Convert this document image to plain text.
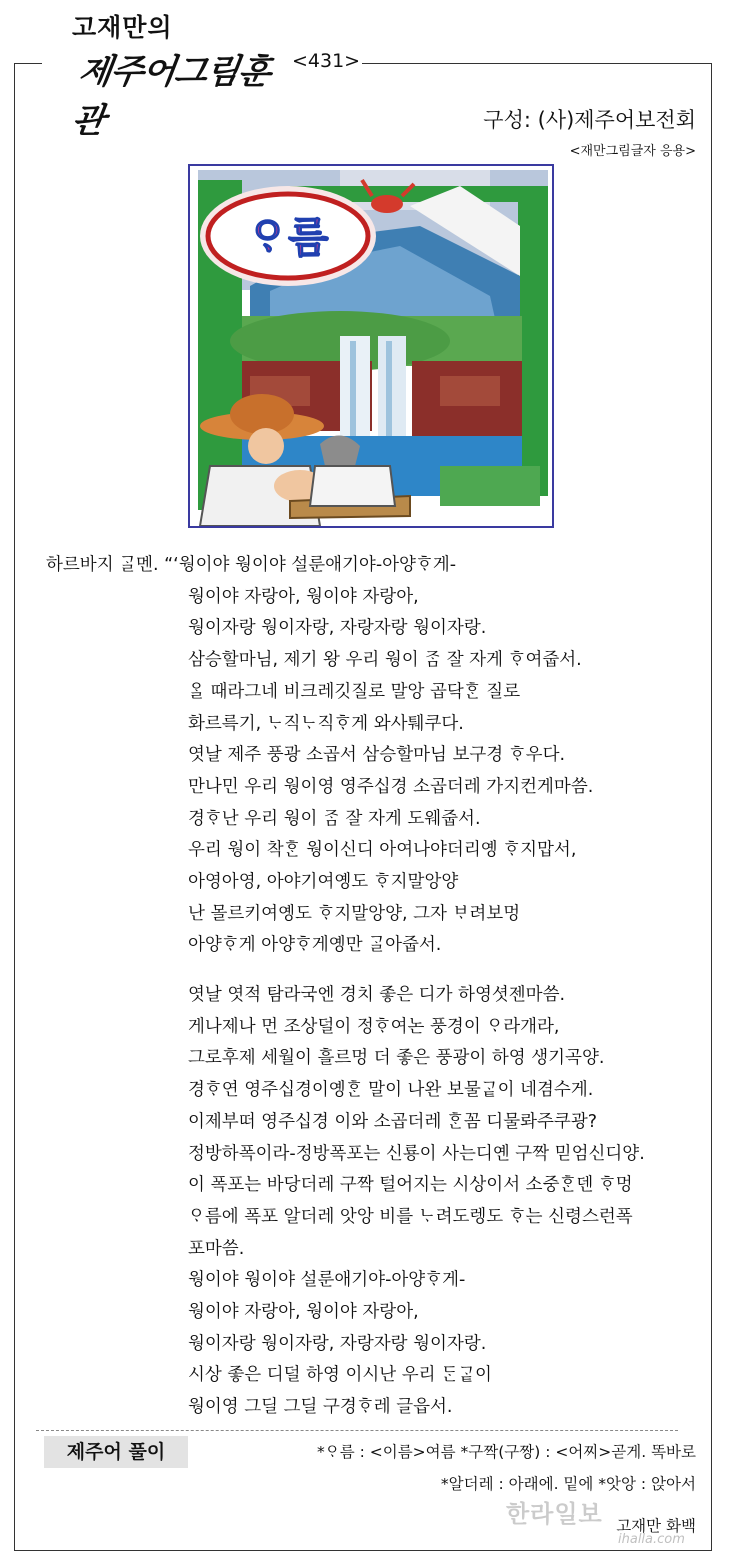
고재만의
제주어그림훈관
<431>
구성: (사)제주어보전회
<재만그림글자 응용>
ᄋᆞ름
하르바지 ᄀᆞᆯ멘. “‘웡이야 웡이야 설룬애기야-아양ᄒᆞ게-
웡이야 자랑아, 웡이야 자랑아,
웡이자랑 웡이자랑, 자랑자랑 웡이자랑.
삼승할마님, 제기 왕 우리 웡이 ᄌᆞᆷ 잘 자게 ᄒᆞ여줍서.
ᄋᆞᆯ 때라그네 비크레깃질로 말앙 곱닥ᄒᆞᆫ 질로
화르륵기, ᄂᆞ직ᄂᆞ직ᄒᆞ게 와사퉤쿠다.
엿날 제주 풍광 소곱서 삼승할마님 보구경 ᄒᆞ우다.
만나민 우리 웡이영 영주십경 소곱더레 가지컨게마씀.
경ᄒᆞ난 우리 웡이 ᄌᆞᆷ 잘 자게 도웨줍서.
우리 웡이 착ᄒᆞᆫ 웡이신디 아여나야더리옝 ᄒᆞ지맙서,
아영아영, 아야기여옝도 ᄒᆞ지말앙양
난 몰르키여옝도 ᄒᆞ지말앙양, 그자 ᄇᆞ려보멍
아양ᄒᆞ게 아양ᄒᆞ게옝만 ᄀᆞᆯ아줍서.
엿날 엿적 탐라국엔 경치 좋은 디가 하영셧젠마씀.
게나제나 먼 조상덜이 정ᄒᆞ여논 풍경이 ᄋᆞ라개라,
그로후제 세월이 흘르멍 더 좋은 풍광이 하영 생기곡양.
경ᄒᆞ연 영주십경이옝ᄒᆞᆫ 말이 나완 보물ᄀᆞᇀ이 네겸수게.
이제부떠 영주십경 이와 소곱더레 ᄒᆞᆫ꼼 디물롸주쿠광?
정방하폭이라-정방폭포는 신룡이 사는디옌 구짝 믿엄신디양.
이 폭포는 바당더레 구짝 털어지는 시상이서 소중ᄒᆞᆫ덴 ᄒᆞ멍
ᄋᆞ름에 폭포 알더레 앗앙 비를 ᄂᆞ려도렝도 ᄒᆞ는 신령스런폭
포마씀.
웡이야 웡이야 설룬애기야-아양ᄒᆞ게-
웡이야 자랑아, 웡이야 자랑아,
웡이자랑 웡이자랑, 자랑자랑 웡이자랑.
시상 좋은 디덜 하영 이시난 우리 ᄃᆞᆫᄀᆞᇀ이
웡이영 그딜 그딜 구경ᄒᆞ레 글읍서.
제주어 풀이	*ᄋᆞ름 : <이름>여름 *구짝(구짱) : <어찌>곧게. 똑바로
*알더레 : 아래에. 밑에 *앗앙 : 앉아서
한라일보
ihalla.com
고재만 화백
